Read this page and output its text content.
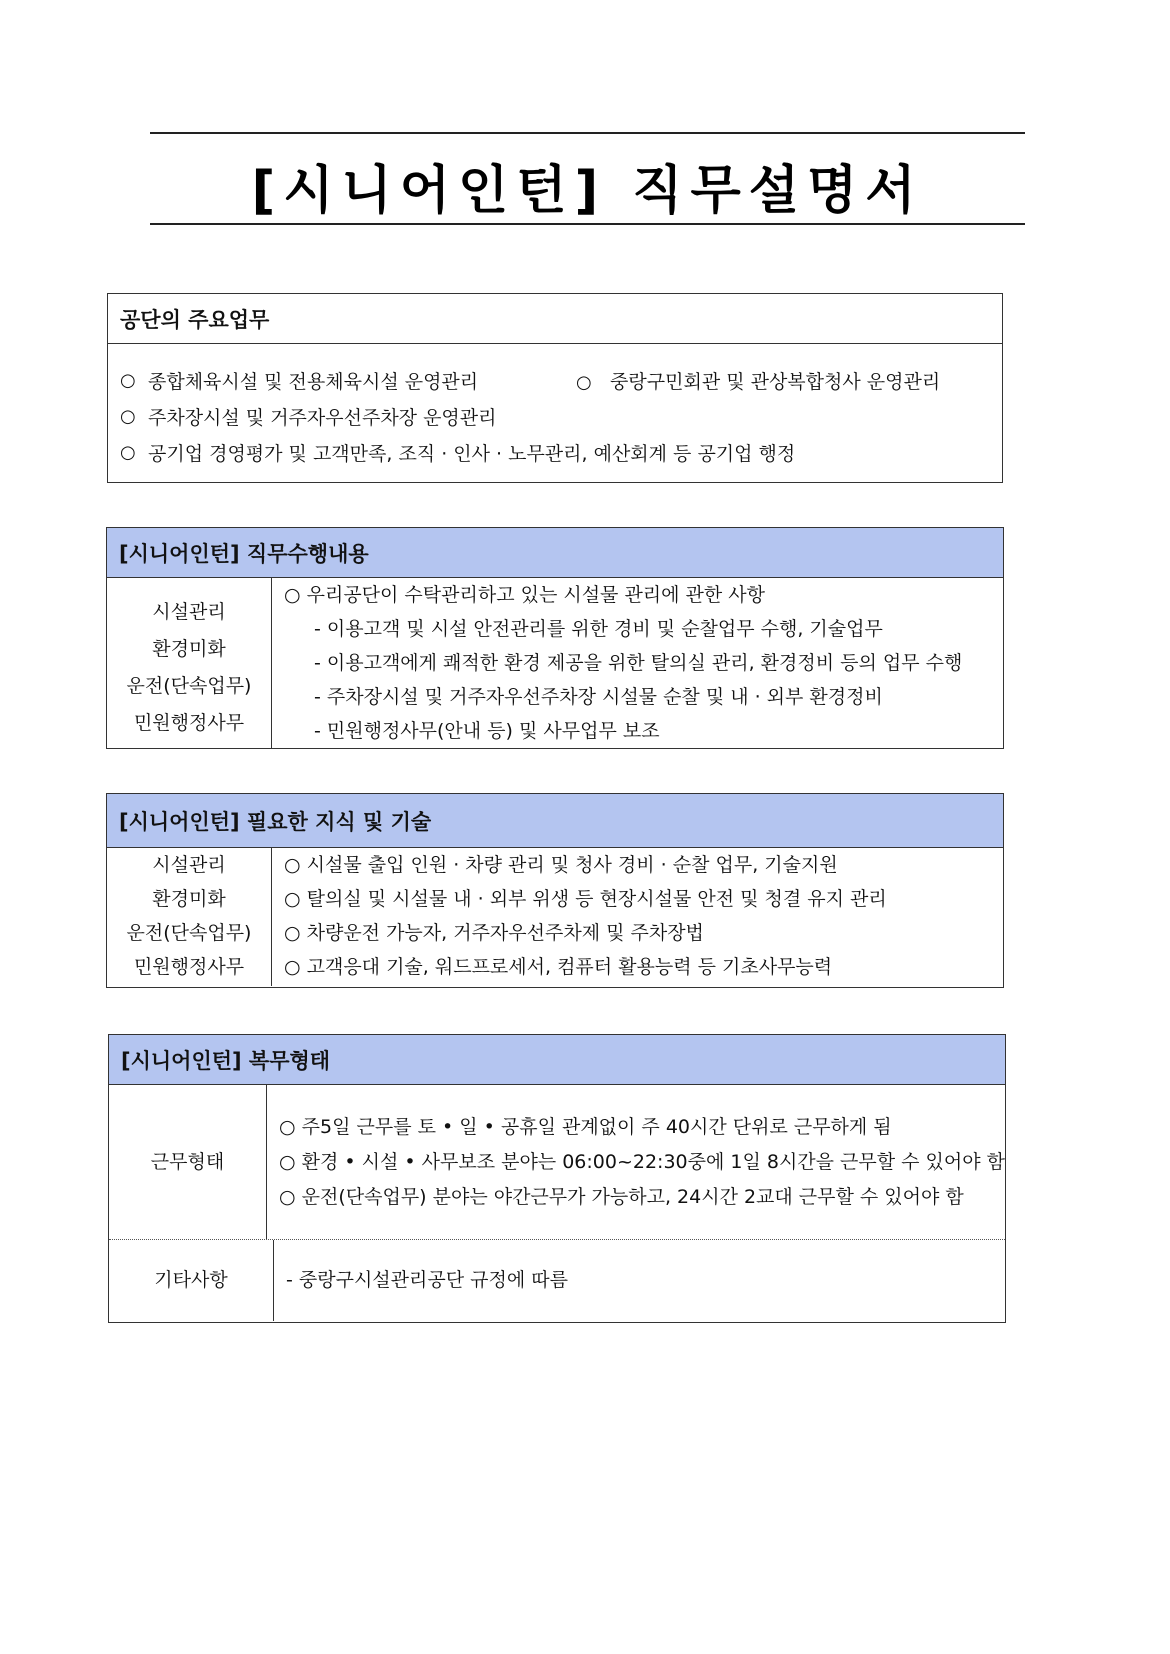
[시니어인턴] 직무설명서
공단의 주요업무
○ 종합체육시설 및 전용체육시설 운영관리	○ 중랑구민회관 및 관상복합청사 운영관리
○ 주차장시설 및 거주자우선주차장 운영관리
○ 공기업 경영평가 및 고객만족, 조직 · 인사 · 노무관리, 예산회계 등 공기업 행정
[시니어인턴] 직무수행내용
시설관리
환경미화
운전(단속업무)
민원행정사무
○ 우리공단이 수탁관리하고 있는 시설물 관리에 관한 사항
- 이용고객 및 시설 안전관리를 위한 경비 및 순찰업무 수행, 기술업무
- 이용고객에게 쾌적한 환경 제공을 위한 탈의실 관리, 환경정비 등의 업무 수행
- 주차장시설 및 거주자우선주차장 시설물 순찰 및 내 · 외부 환경정비
- 민원행정사무(안내 등) 및 사무업무 보조
[시니어인턴] 필요한 지식 및 기술
시설관리
환경미화
운전(단속업무)
민원행정사무
○ 시설물 출입 인원 · 차량 관리 및 청사 경비 · 순찰 업무, 기술지원
○ 탈의실 및 시설물 내 · 외부 위생 등 현장시설물 안전 및 청결 유지 관리
○ 차량운전 가능자, 거주자우선주차제 및 주차장법
○ 고객응대 기술, 워드프로세서, 컴퓨터 활용능력 등 기초사무능력
[시니어인턴] 복무형태
근무형태
○ 주5일 근무를 토 • 일 • 공휴일 관계없이 주 40시간 단위로 근무하게 됨
○ 환경 • 시설 • 사무보조 분야는 06:00~22:30중에 1일 8시간을 근무할 수 있어야 함
○ 운전(단속업무) 분야는 야간근무가 가능하고, 24시간 2교대 근무할 수 있어야 함
기타사항	- 중랑구시설관리공단 규정에 따름
